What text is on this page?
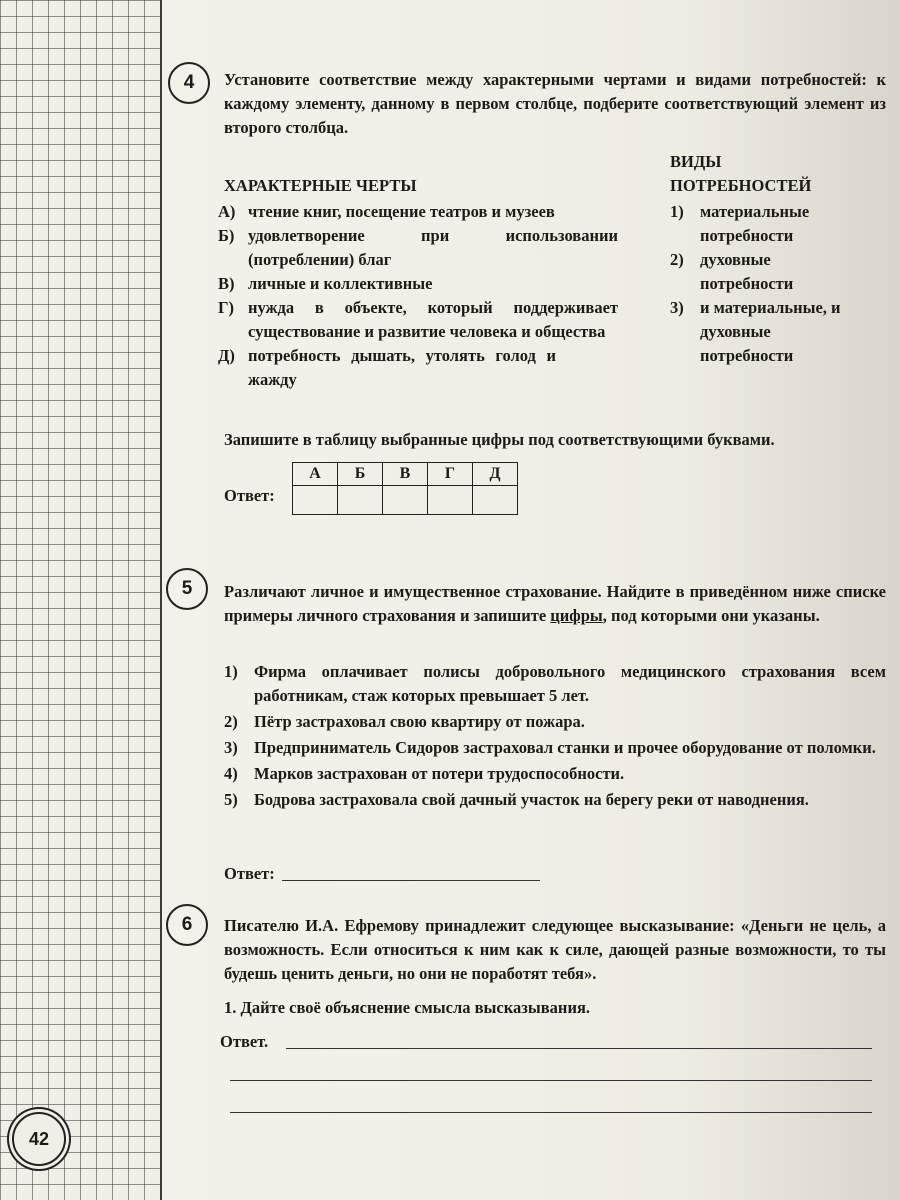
42
4	Установите соответствие между характерными чертами и видами потребностей: к каждому элементу, данному в первом столбце, подберите соответствующий элемент из второго столбца.
ВИДЫ
ПОТРЕБНОСТЕЙ
ХАРАКТЕРНЫЕ ЧЕРТЫ
А) чтение книг, посещение театров и музеев
Б) удовлетворение при использовании (потреблении) благ
В) личные и коллективные
Г) нужда в объекте, который поддерживает существование и развитие человека и общества
Д) потребность дышать, утолять голод и жажду
1) материальные потребности
2) духовные потребности
3) и материальные, и духовные потребности
Запишите в таблицу выбранные цифры под соответствующими буквами.
Ответ:
А	Б	В	Г	Д

5	Различают личное и имущественное страхование. Найдите в приведённом ниже списке примеры личного страхования и запишите цифры, под которыми они указаны.
1) Фирма оплачивает полисы добровольного медицинского страхования всем работникам, стаж которых превышает 5 лет.
2) Пётр застраховал свою квартиру от пожара.
3) Предприниматель Сидоров застраховал станки и прочее оборудование от поломки.
4) Марков застрахован от потери трудоспособности.
5) Бодрова застраховала свой дачный участок на берегу реки от наводнения.
Ответ:
6	Писателю И.А. Ефремову принадлежит следующее высказывание: «Деньги не цель, а возможность. Если относиться к ним как к силе, дающей разные возможности, то ты будешь ценить деньги, но они не поработят тебя».
1. Дайте своё объяснение смысла высказывания.
Ответ.
